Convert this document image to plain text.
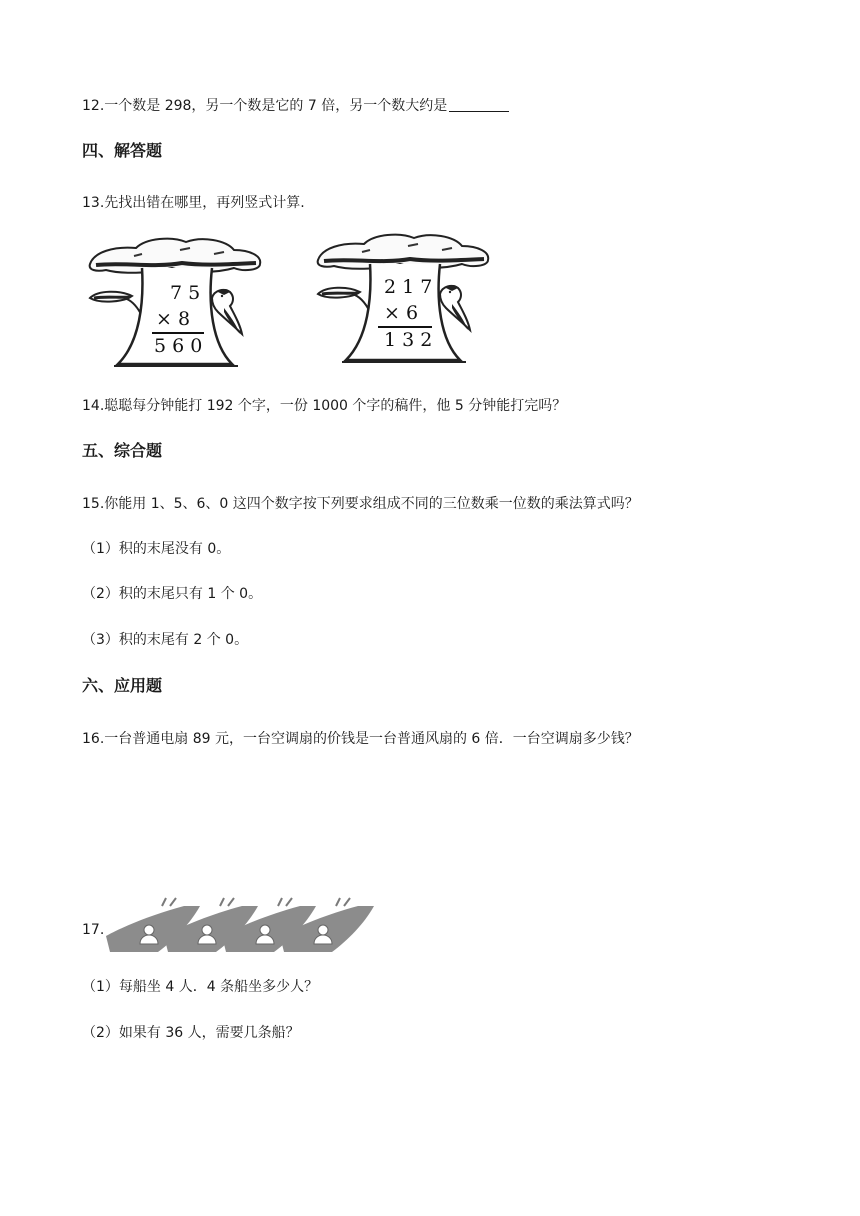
12.一个数是 298，另一个数是它的 7 倍，另一个数大约是
四、解答题
13.先找出错在哪里，再列竖式计算.
7 5
× 8
5 6 0
2 1 7
× 6
1 3 2
14.聪聪每分钟能打 192 个字，一份 1000 个字的稿件，他 5 分钟能打完吗？
五、综合题
15.你能用 1、5、6、0 这四个数字按下列要求组成不同的三位数乘一位数的乘法算式吗？
（1）积的末尾没有 0。
（2）积的末尾只有 1 个 0。
（3）积的末尾有 2 个 0。
六、应用题
16.一台普通电扇 89 元，一台空调扇的价钱是一台普通风扇的 6 倍．一台空调扇多少钱？
17.
（1）每船坐 4 人．4 条船坐多少人？
（2）如果有 36 人，需要几条船？
